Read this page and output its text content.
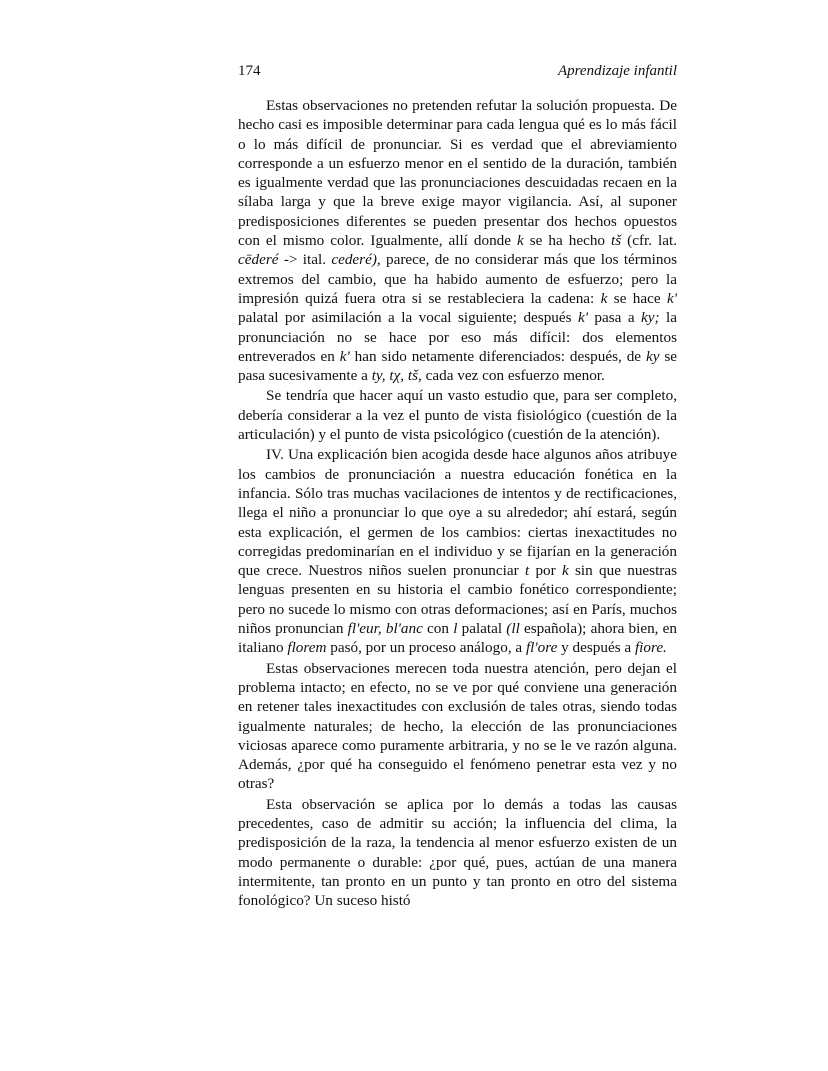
174	Aprendizaje infantil

Estas observaciones no pretenden refutar la solución propuesta. De hecho casi es imposible determinar para cada lengua qué es lo más fácil o lo más difícil de pronunciar. Si es verdad que el abreviamiento corresponde a un esfuerzo menor en el sentido de la duración, también es igualmente verdad que las pronunciaciones descuidadas recaen en la sílaba larga y que la breve exige mayor vigilancia. Así, al suponer predisposiciones diferentes se pueden presentar dos hechos opuestos con el mismo color. Igualmente, allí donde k se ha hecho tš (cfr. lat. cēderé -> ital. cederé), parece, de no considerar más que los términos extremos del cambio, que ha habido aumento de esfuerzo; pero la impresión quizá fuera otra si se restableciera la cadena: k se hace k' palatal por asimilación a la vocal siguiente; después k' pasa a ky; la pronunciación no se hace por eso más difícil: dos elementos entreverados en k' han sido netamente diferenciados: después, de ky se pasa sucesivamente a ty, tχ, tš, cada vez con esfuerzo menor.

Se tendría que hacer aquí un vasto estudio que, para ser completo, debería considerar a la vez el punto de vista fisiológico (cuestión de la articulación) y el punto de vista psicológico (cuestión de la atención).

IV. Una explicación bien acogida desde hace algunos años atribuye los cambios de pronunciación a nuestra educación fonética en la infancia. Sólo tras muchas vacilaciones de intentos y de rectificaciones, llega el niño a pronunciar lo que oye a su alrededor; ahí estará, según esta explicación, el germen de los cambios: ciertas inexactitudes no corregidas predominarían en el individuo y se fijarían en la generación que crece. Nuestros niños suelen pronunciar t por k sin que nuestras lenguas presenten en su historia el cambio fonético correspondiente; pero no sucede lo mismo con otras deformaciones; así en París, muchos niños pronuncian fl'eur, bl'anc con l palatal (ll española); ahora bien, en italiano florem pasó, por un proceso análogo, a fl'ore y después a fiore.

Estas observaciones merecen toda nuestra atención, pero dejan el problema intacto; en efecto, no se ve por qué conviene una generación en retener tales inexactitudes con exclusión de tales otras, siendo todas igualmente naturales; de hecho, la elección de las pronunciaciones viciosas aparece como puramente arbitraria, y no se le ve razón alguna. Además, ¿por qué ha conseguido el fenómeno penetrar esta vez y no otras?

Esta observación se aplica por lo demás a todas las causas precedentes, caso de admitir su acción; la influencia del clima, la predisposición de la raza, la tendencia al menor esfuerzo existen de un modo permanente o durable: ¿por qué, pues, actúan de una manera intermitente, tan pronto en un punto y tan pronto en otro del sistema fonológico? Un suceso histó
